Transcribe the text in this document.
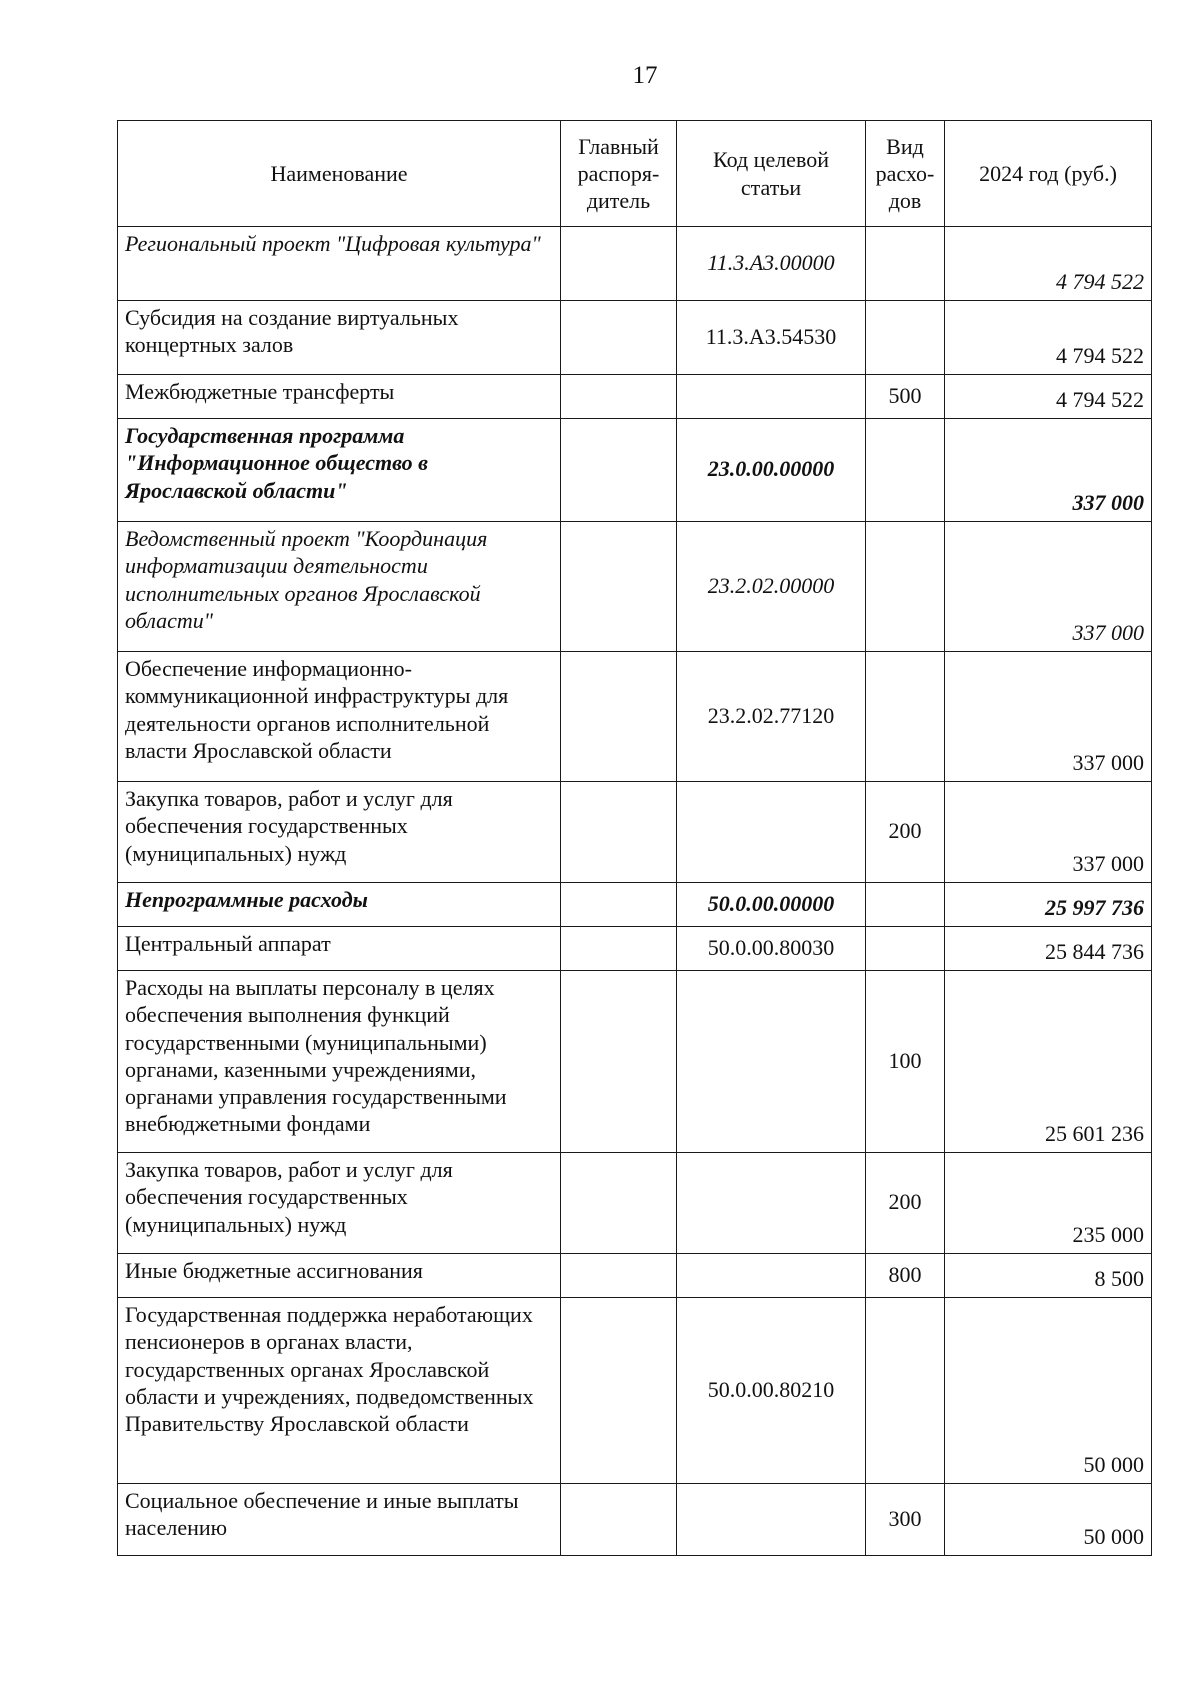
17
Наименование	Главный распоря- дитель	Код целевой статьи	Вид расхо- дов	2024 год (руб.)
Региональный проект "Цифровая культура"		11.3.А3.00000		4 794 522
Субсидия на создание виртуальных концертных залов		11.3.А3.54530		4 794 522
Межбюджетные трансферты			500	4 794 522
Государственная программа "Информационное общество в Ярославской области"		23.0.00.00000		337 000
Ведомственный проект "Координация информатизации деятельности исполнительных органов Ярославской области"		23.2.02.00000		337 000
Обеспечение информационно-коммуникационной инфраструктуры для деятельности органов исполнительной власти Ярославской области		23.2.02.77120		337 000
Закупка товаров, работ и услуг для обеспечения государственных (муниципальных) нужд			200	337 000
Непрограммные расходы		50.0.00.00000		25 997 736
Центральный аппарат		50.0.00.80030		25 844 736
Расходы на выплаты персоналу в целях обеспечения выполнения функций государственными (муниципальными) органами, казенными учреждениями, органами управления государственными внебюджетными фондами			100	25 601 236
Закупка товаров, работ и услуг для обеспечения государственных (муниципальных) нужд			200	235 000
Иные бюджетные ассигнования			800	8 500
Государственная поддержка неработающих пенсионеров в органах власти, государственных органах Ярославской области и учреждениях, подведомственных Правительству Ярославской области		50.0.00.80210		50 000
Социальное обеспечение и иные выплаты населению			300	50 000
